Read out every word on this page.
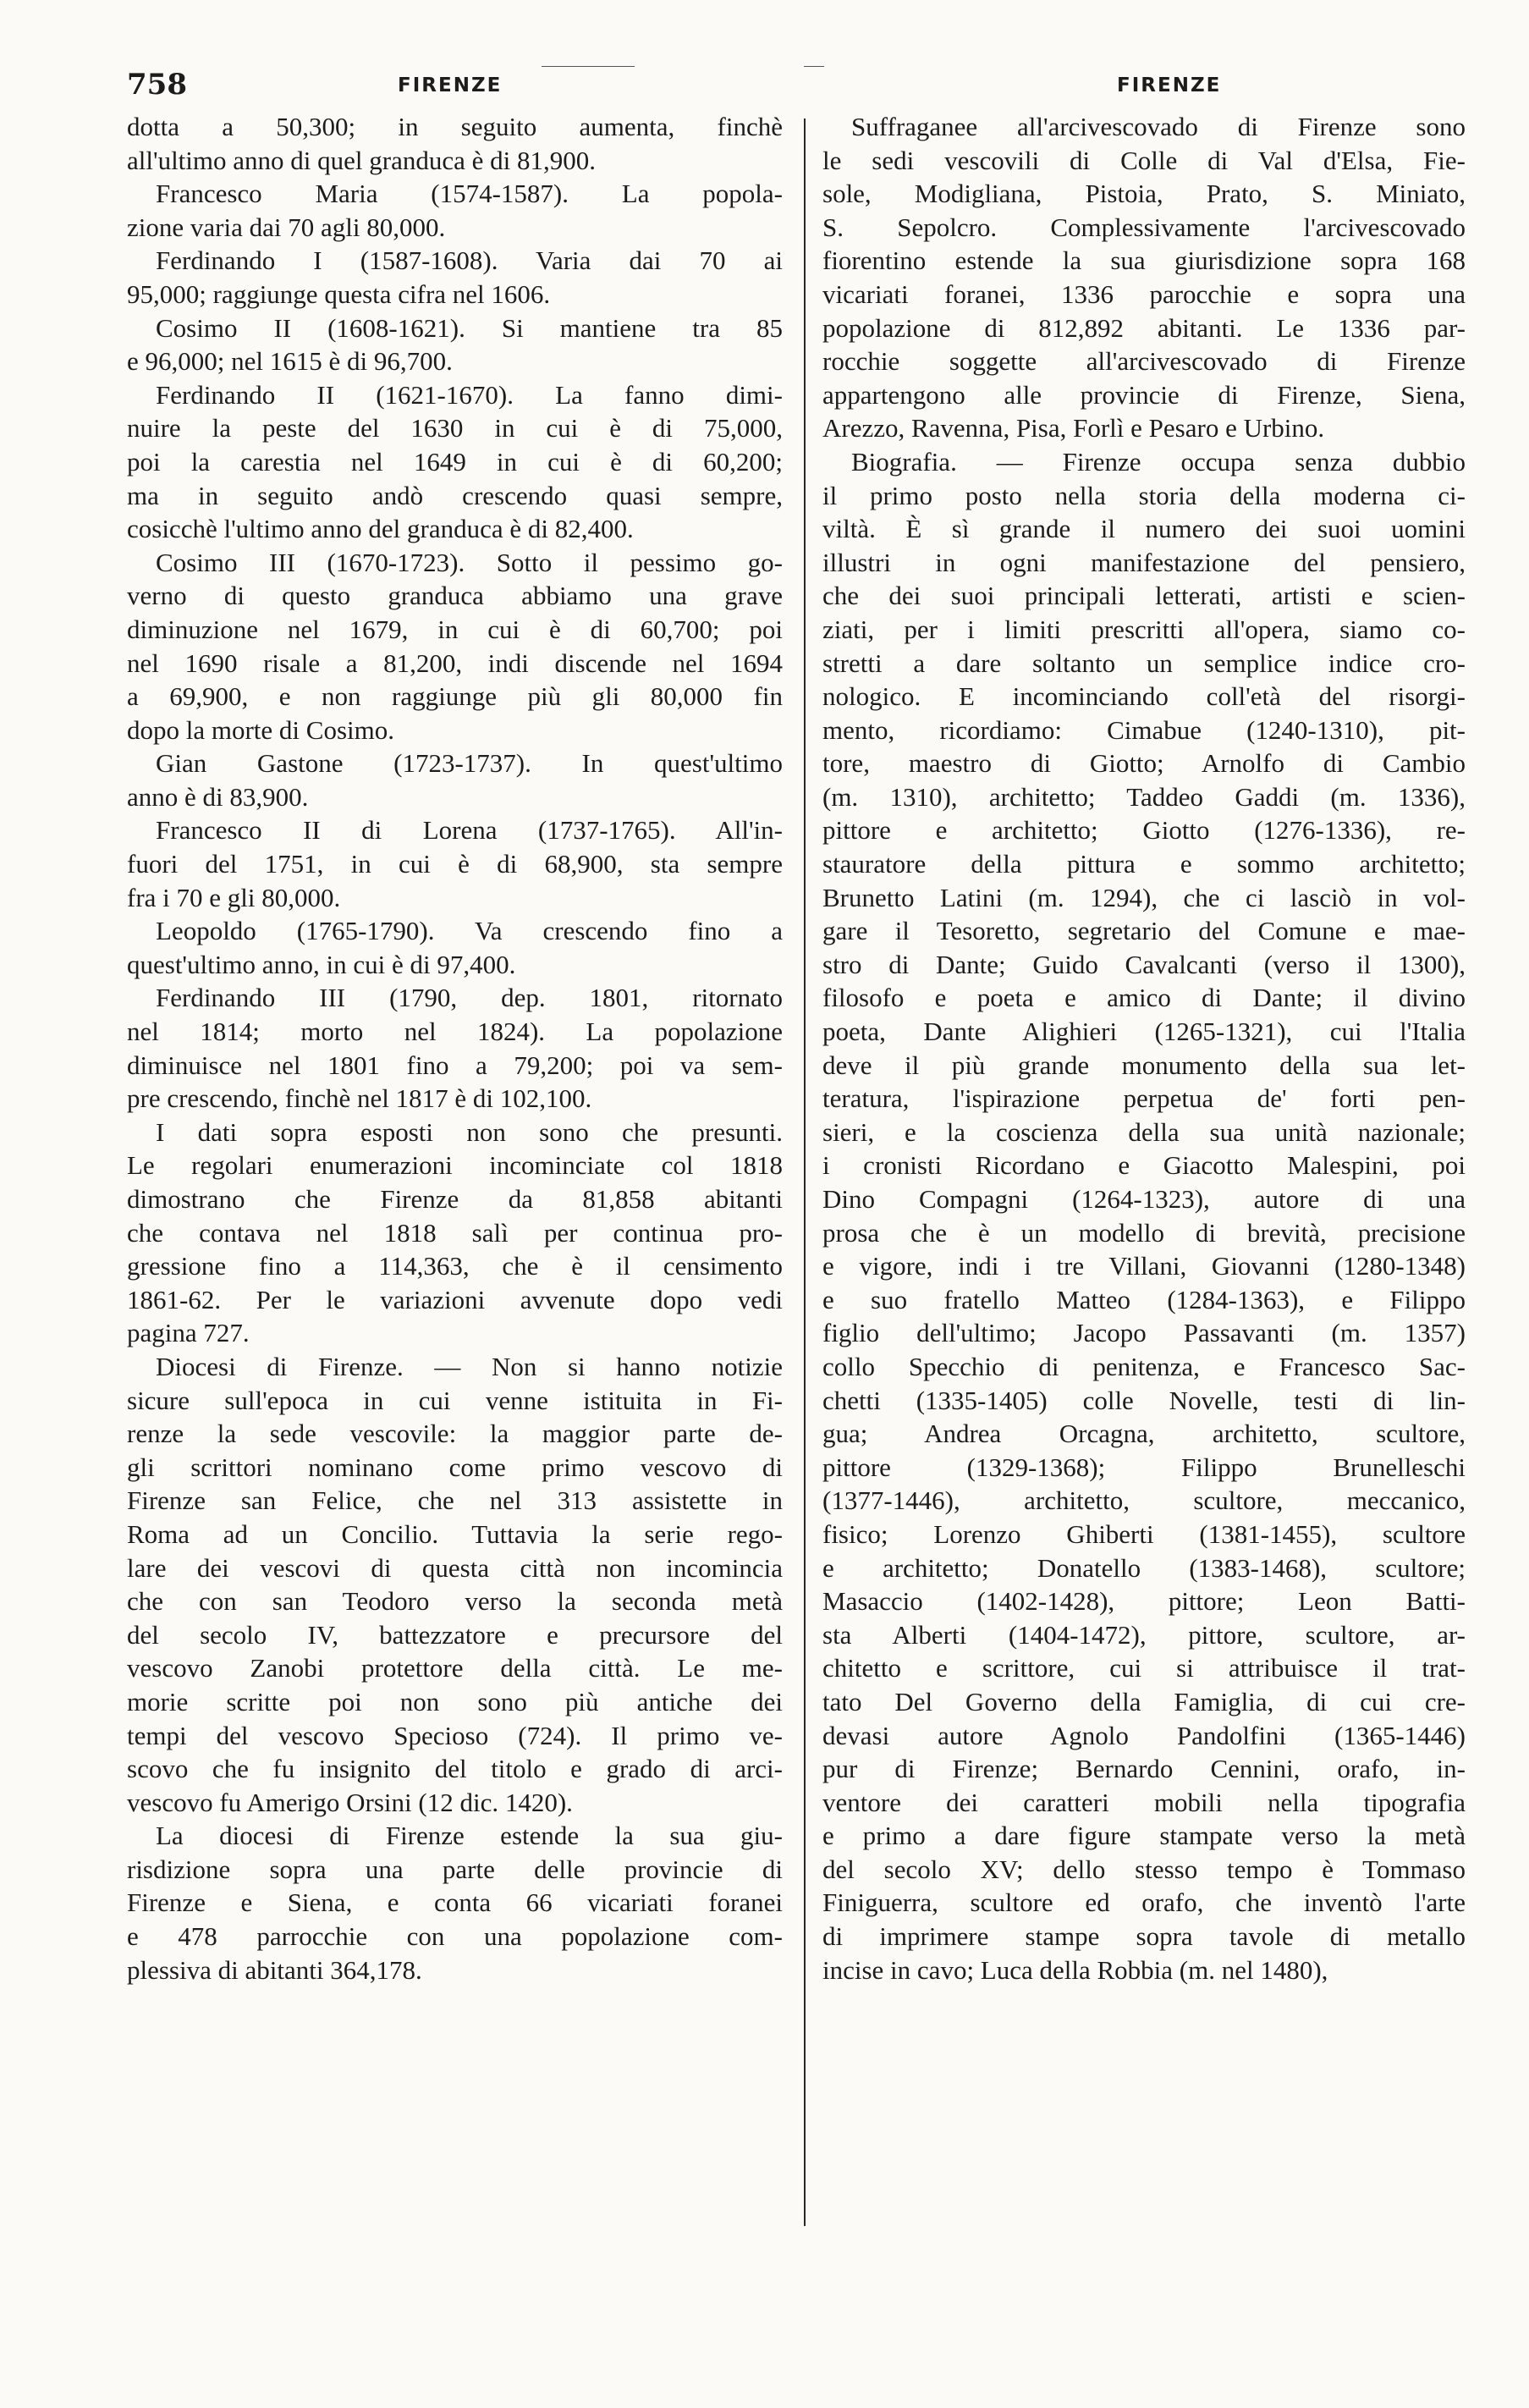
758	FIRENZE	FIRENZE
dotta a 50,300; in seguito aumenta, finchè
all'ultimo anno di quel granduca è di 81,900.
Francesco Maria (1574-1587). La popola-
zione varia dai 70 agli 80,000.
Ferdinando I (1587-1608). Varia dai 70 ai
95,000; raggiunge questa cifra nel 1606.
Cosimo II (1608-1621). Si mantiene tra 85
e 96,000; nel 1615 è di 96,700.
Ferdinando II (1621-1670). La fanno dimi-
nuire la peste del 1630 in cui è di 75,000,
poi la carestia nel 1649 in cui è di 60,200;
ma in seguito andò crescendo quasi sempre,
cosicchè l'ultimo anno del granduca è di 82,400.
Cosimo III (1670-1723). Sotto il pessimo go-
verno di questo granduca abbiamo una grave
diminuzione nel 1679, in cui è di 60,700; poi
nel 1690 risale a 81,200, indi discende nel 1694
a 69,900, e non raggiunge più gli 80,000 fin
dopo la morte di Cosimo.
Gian Gastone (1723-1737). In quest'ultimo
anno è di 83,900.
Francesco II di Lorena (1737-1765). All'in-
fuori del 1751, in cui è di 68,900, sta sempre
fra i 70 e gli 80,000.
Leopoldo (1765-1790). Va crescendo fino a
quest'ultimo anno, in cui è di 97,400.
Ferdinando III (1790, dep. 1801, ritornato
nel 1814; morto nel 1824). La popolazione
diminuisce nel 1801 fino a 79,200; poi va sem-
pre crescendo, finchè nel 1817 è di 102,100.
I dati sopra esposti non sono che presunti.
Le regolari enumerazioni incominciate col 1818
dimostrano che Firenze da 81,858 abitanti
che contava nel 1818 salì per continua pro-
gressione fino a 114,363, che è il censimento
1861-62. Per le variazioni avvenute dopo vedi
pagina 727.
Diocesi di Firenze. — Non si hanno notizie
sicure sull'epoca in cui venne istituita in Fi-
renze la sede vescovile: la maggior parte de-
gli scrittori nominano come primo vescovo di
Firenze san Felice, che nel 313 assistette in
Roma ad un Concilio. Tuttavia la serie rego-
lare dei vescovi di questa città non incomincia
che con san Teodoro verso la seconda metà
del secolo IV, battezzatore e precursore del
vescovo Zanobi protettore della città. Le me-
morie scritte poi non sono più antiche dei
tempi del vescovo Specioso (724). Il primo ve-
scovo che fu insignito del titolo e grado di arci-
vescovo fu Amerigo Orsini (12 dic. 1420).
La diocesi di Firenze estende la sua giu-
risdizione sopra una parte delle provincie di
Firenze e Siena, e conta 66 vicariati foranei
e 478 parrocchie con una popolazione com-
plessiva di abitanti 364,178.
Suffraganee all'arcivescovado di Firenze sono
le sedi vescovili di Colle di Val d'Elsa, Fie-
sole, Modigliana, Pistoia, Prato, S. Miniato,
S. Sepolcro. Complessivamente l'arcivescovado
fiorentino estende la sua giurisdizione sopra 168
vicariati foranei, 1336 parocchie e sopra una
popolazione di 812,892 abitanti. Le 1336 par-
rocchie soggette all'arcivescovado di Firenze
appartengono alle provincie di Firenze, Siena,
Arezzo, Ravenna, Pisa, Forlì e Pesaro e Urbino.
Biografia. — Firenze occupa senza dubbio
il primo posto nella storia della moderna ci-
viltà. È sì grande il numero dei suoi uomini
illustri in ogni manifestazione del pensiero,
che dei suoi principali letterati, artisti e scien-
ziati, per i limiti prescritti all'opera, siamo co-
stretti a dare soltanto un semplice indice cro-
nologico. E incominciando coll'età del risorgi-
mento, ricordiamo: Cimabue (1240-1310), pit-
tore, maestro di Giotto; Arnolfo di Cambio
(m. 1310), architetto; Taddeo Gaddi (m. 1336),
pittore e architetto; Giotto (1276-1336), re-
stauratore della pittura e sommo architetto;
Brunetto Latini (m. 1294), che ci lasciò in vol-
gare il Tesoretto, segretario del Comune e mae-
stro di Dante; Guido Cavalcanti (verso il 1300),
filosofo e poeta e amico di Dante; il divino
poeta, Dante Alighieri (1265-1321), cui l'Italia
deve il più grande monumento della sua let-
teratura, l'ispirazione perpetua de' forti pen-
sieri, e la coscienza della sua unità nazionale;
i cronisti Ricordano e Giacotto Malespini, poi
Dino Compagni (1264-1323), autore di una
prosa che è un modello di brevità, precisione
e vigore, indi i tre Villani, Giovanni (1280-1348)
e suo fratello Matteo (1284-1363), e Filippo
figlio dell'ultimo; Jacopo Passavanti (m. 1357)
collo Specchio di penitenza, e Francesco Sac-
chetti (1335-1405) colle Novelle, testi di lin-
gua; Andrea Orcagna, architetto, scultore,
pittore (1329-1368); Filippo Brunelleschi
(1377-1446), architetto, scultore, meccanico,
fisico; Lorenzo Ghiberti (1381-1455), scultore
e architetto; Donatello (1383-1468), scultore;
Masaccio (1402-1428), pittore; Leon Batti-
sta Alberti (1404-1472), pittore, scultore, ar-
chitetto e scrittore, cui si attribuisce il trat-
tato Del Governo della Famiglia, di cui cre-
devasi autore Agnolo Pandolfini (1365-1446)
pur di Firenze; Bernardo Cennini, orafo, in-
ventore dei caratteri mobili nella tipografia
e primo a dare figure stampate verso la metà
del secolo XV; dello stesso tempo è Tommaso
Finiguerra, scultore ed orafo, che inventò l'arte
di imprimere stampe sopra tavole di metallo
incise in cavo; Luca della Robbia (m. nel 1480),
